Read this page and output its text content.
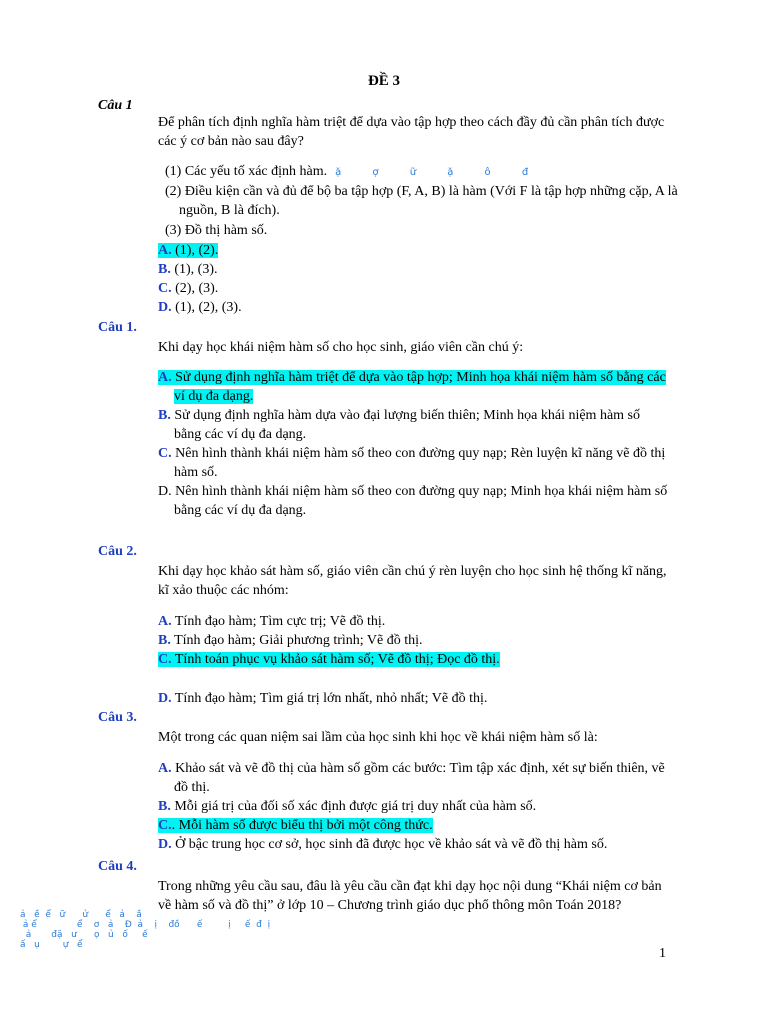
ĐỀ 3
Câu 1
Để phân tích định nghĩa hàm triệt để dựa vào tập hợp theo cách đầy đủ cần phân tích được các ý cơ bản nào sau đây?
(1) Các yếu tố xác định hàm. ặ ợ ữ ặ ô đ
(2) Điều kiện cần và đủ để bộ ba tập hợp (F, A, B) là hàm (Với F là tập hợp những cặp, A là nguồn, B là đích).
(3) Đồ thị hàm số.
A. (1), (2).
B. (1), (3).
C. (2), (3).
D. (1), (2), (3).
Câu 1.
Khi dạy học khái niệm hàm số cho học sinh, giáo viên cần chú ý:
A. Sử dụng định nghĩa hàm triệt để dựa vào tập hợp; Minh họa khái niệm hàm số bằng các ví dụ đa dạng.
B. Sử dụng định nghĩa hàm dựa vào đại lượng biến thiên; Minh họa khái niệm hàm số bằng các ví dụ đa dạng.
C. Nên hình thành khái niệm hàm số theo con đường quy nạp; Rèn luyện kĩ năng vẽ đồ thị hàm số.
D. Nên hình thành khái niệm hàm số theo con đường quy nạp; Minh họa khái niệm hàm số bằng các ví dụ đa dạng.
Câu 2.
Khi dạy học khảo sát hàm số, giáo viên cần chú ý rèn luyện cho học sinh hệ thống kĩ năng, kĩ xảo thuộc các nhóm:
A. Tính đạo hàm; Tìm cực trị; Vẽ đồ thị.
B. Tính đạo hàm; Giải phương trình; Vẽ đồ thị.
C. Tính toán phục vụ khảo sát hàm số; Vẽ đồ thị; Đọc đồ thị.
D. Tính đạo hàm; Tìm giá trị lớn nhất, nhỏ nhất; Vẽ đồ thị.
Câu 3.
Một trong các quan niệm sai lầm của học sinh khi học về khái niệm hàm số là:
A. Khảo sát và vẽ đồ thị của hàm số gồm các bước: Tìm tập xác định, xét sự biến thiên, vẽ đồ thị.
B. Mỗi giá trị của đối số xác định được giá trị duy nhất của hàm số.
C.. Mỗi hàm số được biểu thị bởi một công thức.
D. Ở bậc trung học cơ sở, học sinh đã được học về khảo sát và vẽ đồ thị hàm số.
Câu 4.
Trong những yêu cầu sau, đâu là yêu cầu cần đạt khi dạy học nội dung “Khái niệm cơ bản về hàm số và đồ thị” ở lớp 10 – Chương trình giáo dục phổ thông môn Toán 2018?
ả   ề  ể   ữ      ử      ể   ả    ầ
ả ể              ể    ơ   ả    Đ  ả    ị    đồ      ế         ị     ế  đ  ị
ả       đặ   ư      ọ   ủ   ố     ế
ấ   ụ        ự   ể
1
